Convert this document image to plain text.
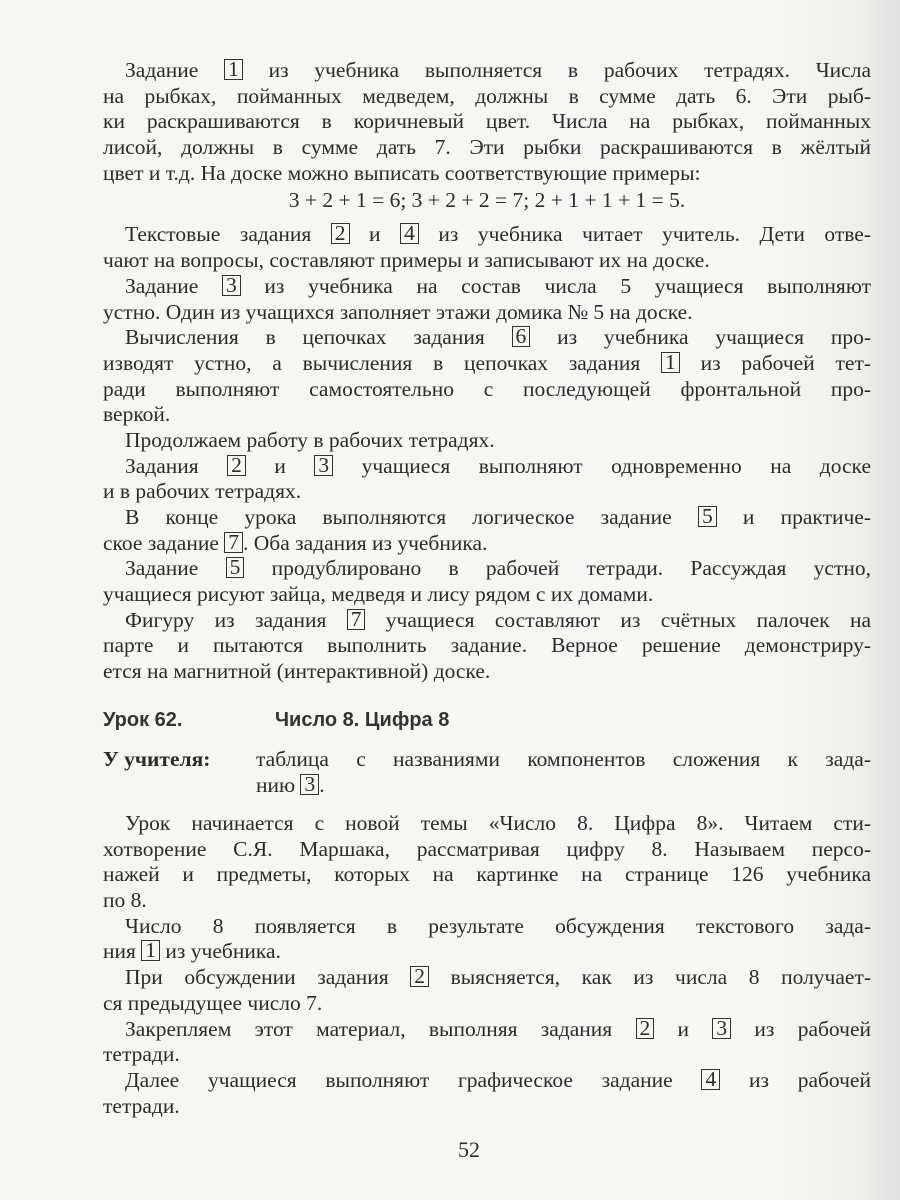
Задание 1 из учебника выполняется в рабочих тетрадях. Числа
на рыбках, пойманных медведем, должны в сумме дать 6. Эти рыб-
ки раскрашиваются в коричневый цвет. Числа на рыбках, пойманных
лисой, должны в сумме дать 7. Эти рыбки раскрашиваются в жёлтый
цвет и т.д. На доске можно выписать соответствующие примеры:
3 + 2 + 1 = 6; 3 + 2 + 2 = 7; 2 + 1 + 1 + 1 = 5.
Текстовые задания 2 и 4 из учебника читает учитель. Дети отве-
чают на вопросы, составляют примеры и записывают их на доске.
Задание 3 из учебника на состав числа 5 учащиеся выполняют
устно. Один из учащихся заполняет этажи домика № 5 на доске.
Вычисления в цепочках задания 6 из учебника учащиеся про-
изводят устно, а вычисления в цепочках задания 1 из рабочей тет-
ради выполняют самостоятельно с последующей фронтальной про-
веркой.
Продолжаем работу в рабочих тетрадях.
Задания 2 и 3 учащиеся выполняют одновременно на доске
и в рабочих тетрадях.
В конце урока выполняются логическое задание 5 и практиче-
ское задание 7 . Оба задания из учебника.
Задание 5 продублировано в рабочей тетради. Рассуждая устно,
учащиеся рисуют зайца, медведя и лису рядом с их домами.
Фигуру из задания 7 учащиеся составляют из счётных палочек на
парте и пытаются выполнить задание. Верное решение демонстриру-
ется на магнитной (интерактивной) доске.
Урок 62.	Число 8. Цифра 8
У учителя: таблица с названиями компонентов сложения к зада-
нию 3 .
Урок начинается с новой темы «Число 8. Цифра 8». Читаем сти-
хотворение С.Я. Маршака, рассматривая цифру 8. Называем персо-
нажей и предметы, которых на картинке на странице 126 учебника
по 8.
Число 8 появляется в результате обсуждения текстового зада-
ния 1 из учебника.
При обсуждении задания 2 выясняется, как из числа 8 получает-
ся предыдущее число 7.
Закрепляем этот материал, выполняя задания 2 и 3 из рабочей
тетради.
Далее учащиеся выполняют графическое задание 4 из рабочей
тетради.
52
